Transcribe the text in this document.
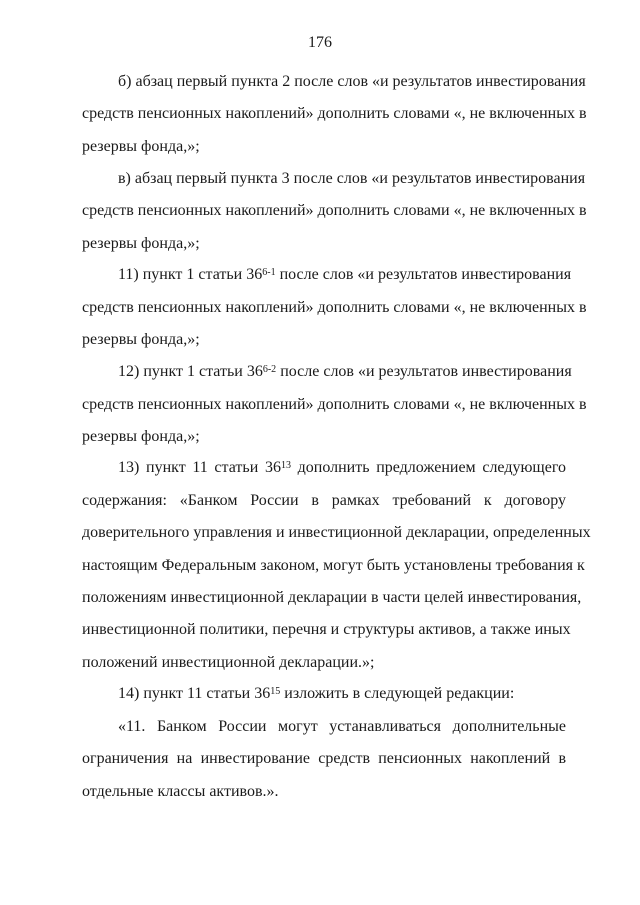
176
б) абзац первый пункта 2 после слов «и результатов инвестирования
средств пенсионных накоплений» дополнить словами «, не включенных в
резервы фонда,»;
в) абзац первый пункта 3 после слов «и результатов инвестирования
средств пенсионных накоплений» дополнить словами «, не включенных в
резервы фонда,»;
11) пункт 1 статьи 36$^{6-1}$ после слов «и результатов инвестирования
средств пенсионных накоплений» дополнить словами «, не включенных в
резервы фонда,»;
12) пункт 1 статьи 36$^{6-2}$ после слов «и результатов инвестирования
средств пенсионных накоплений» дополнить словами «, не включенных в
резервы фонда,»;
13) пункт 11 статьи $36^{13}$ дополнить предложением следующего
содержания: «Банком России в рамках требований к договору
доверительного управления и инвестиционной декларации, определенных
настоящим Федеральным законом, могут быть установлены требования к
положениям инвестиционной декларации в части целей инвестирования,
инвестиционной политики, перечня и структуры активов, а также иных
положений инвестиционной декларации.»;
14) пункт 11 статьи $36^{15}$ изложить в следующей редакции:
«11. Банком России могут устанавливаться дополнительные
ограничения на инвестирование средств пенсионных накоплений в
отдельные классы активов.».
